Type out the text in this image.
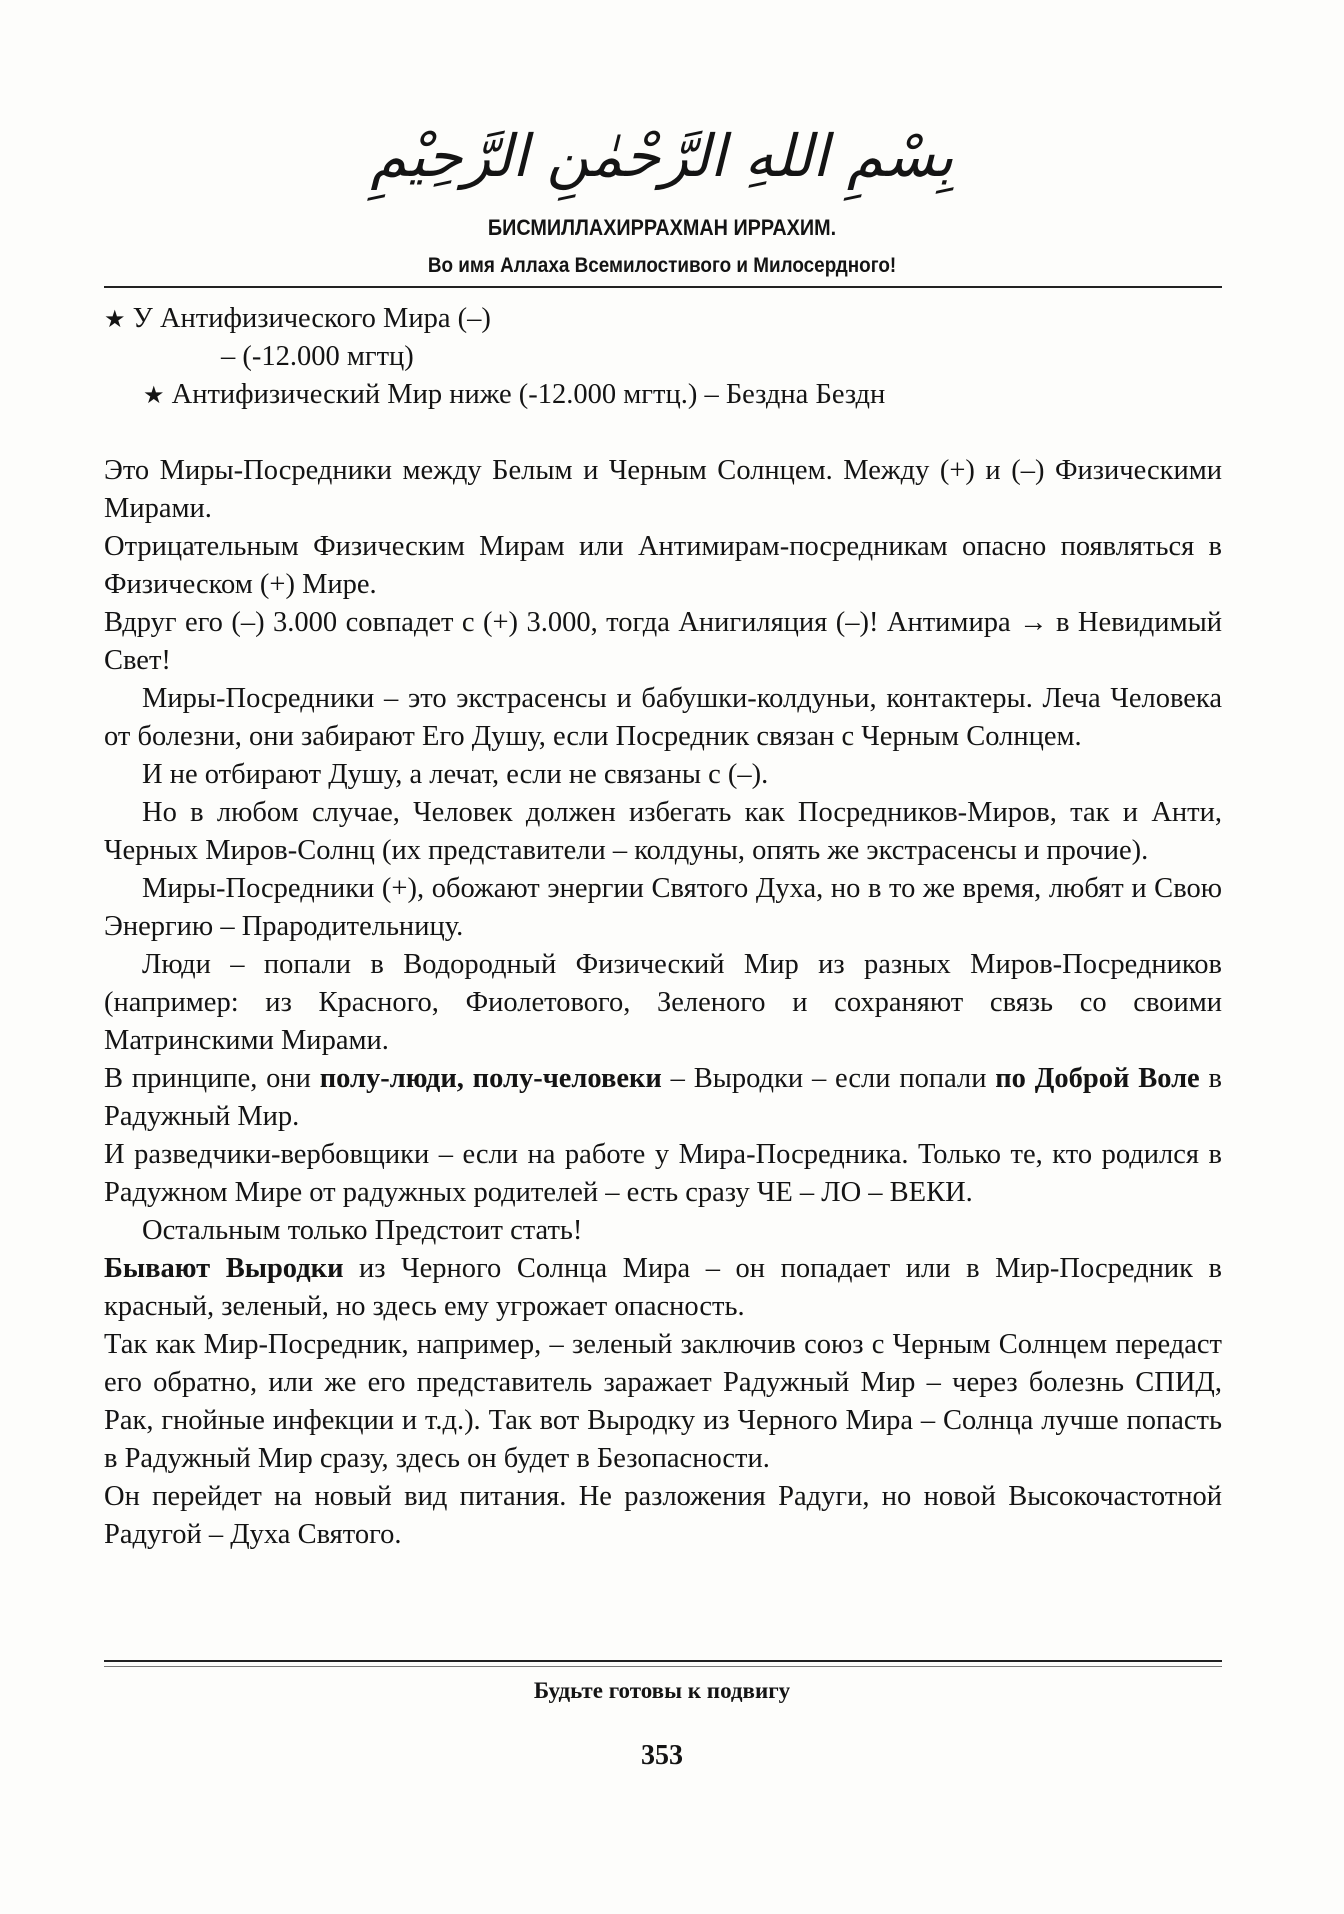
بِسْمِ اللهِ الرَّحْمٰنِ الرَّحِيْمِ
БИСМИЛЛАХИРРАХМАН ИРРАХИМ.
Во имя Аллаха Всемилостивого и Милосердного!
★ У Антифизического Мира (–)
– (-12.000 мгтц)
★ Антифизический Мир ниже (-12.000 мгтц.) – Бездна Бездн

Это Миры-Посредники между Белым и Черным Солнцем. Между (+) и (–) Физическими Мирами.

Отрицательным Физическим Мирам или Антимирам-посредникам опасно появляться в Физическом (+) Мире.

Вдруг его (–) 3.000 совпадет с (+) 3.000, тогда Анигиляция (–)! Антимира → в Невидимый Свет!

Миры-Посредники – это экстрасенсы и бабушки-колдуньи, контактеры. Леча Человека от болезни, они забирают Его Душу, если Посредник связан с Черным Солнцем.

И не отбирают Душу, а лечат, если не связаны с (–).

Но в любом случае, Человек должен избегать как Посредников-Миров, так и Анти, Черных Миров-Солнц (их представители – колдуны, опять же экстрасенсы и прочие).

Миры-Посредники (+), обожают энергии Святого Духа, но в то же время, любят и Свою Энергию – Прародительницу.

Люди – попали в Водородный Физический Мир из разных Миров-Посредников (например: из Красного, Фиолетового, Зеленого и сохраняют связь со своими Матринскими Мирами.

В принципе, они полу-люди, полу-человеки – Выродки – если попали по Доброй Воле в Радужный Мир.

И разведчики-вербовщики – если на работе у Мира-Посредника. Только те, кто родился в Радужном Мире от радужных родителей – есть сразу ЧЕ – ЛО – ВЕКИ.

Остальным только Предстоит стать!

Бывают Выродки из Черного Солнца Мира – он попадает или в Мир-Посредник в красный, зеленый, но здесь ему угрожает опасность.

Так как Мир-Посредник, например, – зеленый заключив союз с Черным Солнцем передаст его обратно, или же его представитель заражает Радужный Мир – через болезнь СПИД, Рак, гнойные инфекции и т.д.). Так вот Выродку из Черного Мира – Солнца лучше попасть в Радужный Мир сразу, здесь он будет в Безопасности.

Он перейдет на новый вид питания. Не разложения Радуги, но новой Высокочастотной Радугой – Духа Святого.

Будьте готовы к подвигу
353
